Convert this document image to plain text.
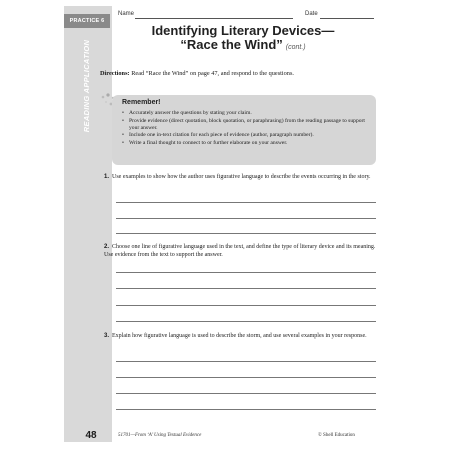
PRACTICE 6
READING APPLICATION
48
Name	Date
Identifying Literary Devices—
“Race the Wind” (cont.)
Directions: Read “Race the Wind” on page 47, and respond to the questions.
Remember!
• Accurately answer the questions by stating your claim.
• Provide evidence (direct quotation, block quotation, or paraphrasing) from the reading passage to support your answer.
• Include one in-text citation for each piece of evidence (author, paragraph number).
• Write a final thought to connect to or further elaborate on your answer.
1. Use examples to show how the author uses figurative language to describe the events occurring in the story.
2. Choose one line of figurative language used in the text, and define the type of literary device and its meaning. Use evidence from the text to support the answer.
3. Explain how figurative language is used to describe the storm, and use several examples in your response.
51701—From ‘A’ Using Textual Evidence	© Shell Education
